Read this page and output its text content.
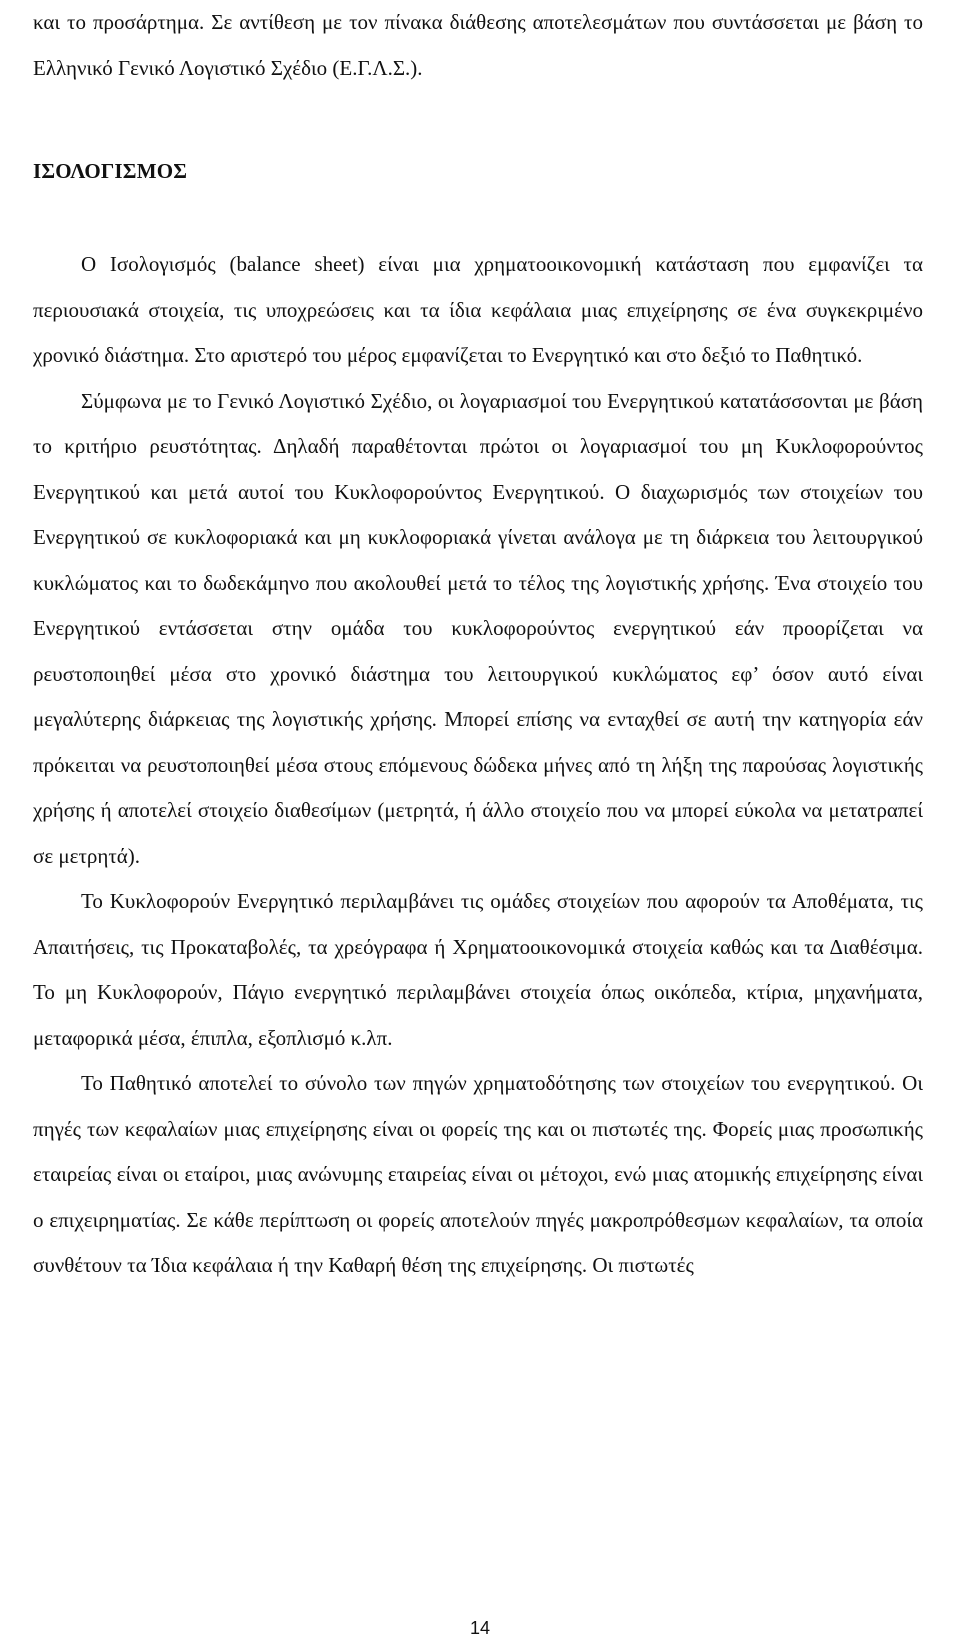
και το προσάρτημα. Σε αντίθεση με τον πίνακα διάθεσης αποτελεσμάτων που συντάσσεται με βάση το Ελληνικό Γενικό Λογιστικό Σχέδιο (Ε.Γ.Λ.Σ.).

ΙΣΟΛΟΓΙΣΜΟΣ

Ο Ισολογισμός (balance sheet) είναι μια χρηματοοικονομική κατάσταση που εμφανίζει τα περιουσιακά στοιχεία, τις υποχρεώσεις και τα ίδια κεφάλαια μιας επιχείρησης σε ένα συγκεκριμένο χρονικό διάστημα. Στο αριστερό του μέρος εμφανίζεται το Ενεργητικό και στο δεξιό το Παθητικό.

Σύμφωνα με το Γενικό Λογιστικό Σχέδιο, οι λογαριασμοί του Ενεργητικού κατατάσσονται με βάση το κριτήριο ρευστότητας. Δηλαδή παραθέτονται πρώτοι οι λογαριασμοί του μη Κυκλοφορούντος Ενεργητικού και μετά αυτοί του Κυκλοφορούντος Ενεργητικού. Ο διαχωρισμός των στοιχείων του Ενεργητικού σε κυκλοφοριακά και μη κυκλοφοριακά γίνεται ανάλογα με τη διάρκεια του λειτουργικού κυκλώματος και το δωδεκάμηνο που ακολουθεί μετά το τέλος της λογιστικής χρήσης. Ένα στοιχείο του Ενεργητικού εντάσσεται στην ομάδα του κυκλοφορούντος ενεργητικού εάν προορίζεται να ρευστοποιηθεί μέσα στο χρονικό διάστημα του λειτουργικού κυκλώματος εφ’ όσον αυτό είναι μεγαλύτερης διάρκειας της λογιστικής χρήσης. Μπορεί επίσης να ενταχθεί σε αυτή την κατηγορία εάν πρόκειται να ρευστοποιηθεί μέσα στους επόμενους δώδεκα μήνες από τη λήξη της παρούσας λογιστικής χρήσης ή αποτελεί στοιχείο διαθεσίμων (μετρητά, ή άλλο στοιχείο που να μπορεί εύκολα να μετατραπεί σε μετρητά).

Το Κυκλοφορούν Ενεργητικό περιλαμβάνει τις ομάδες στοιχείων που αφορούν τα Αποθέματα, τις Απαιτήσεις, τις Προκαταβολές, τα χρεόγραφα ή Χρηματοοικονομικά στοιχεία καθώς και τα Διαθέσιμα. Το μη Κυκλοφορούν, Πάγιο ενεργητικό περιλαμβάνει στοιχεία όπως οικόπεδα, κτίρια, μηχανήματα, μεταφορικά μέσα, έπιπλα, εξοπλισμό κ.λπ.

Το Παθητικό αποτελεί το σύνολο των πηγών χρηματοδότησης των στοιχείων του ενεργητικού. Οι πηγές των κεφαλαίων μιας επιχείρησης είναι οι φορείς της και οι πιστωτές της. Φορείς μιας προσωπικής εταιρείας είναι οι εταίροι, μιας ανώνυμης εταιρείας είναι οι μέτοχοι, ενώ μιας ατομικής επιχείρησης είναι ο επιχειρηματίας. Σε κάθε περίπτωση οι φορείς αποτελούν πηγές μακροπρόθεσμων κεφαλαίων, τα οποία συνθέτουν τα Ίδια κεφάλαια ή την Καθαρή θέση της επιχείρησης. Οι πιστωτές

14
